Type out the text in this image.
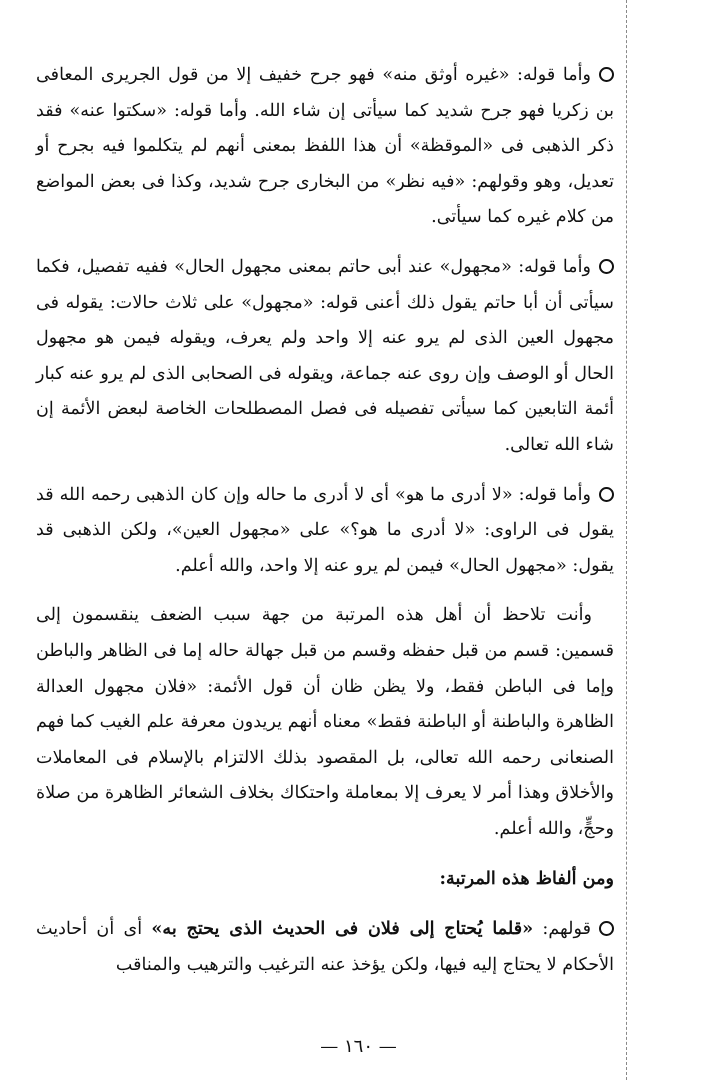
وأما قوله: «غيره أوثق منه» فهو جرح خفيف إلا من قول الجريرى المعافى بن زكريا فهو جرح شديد كما سيأتى إن شاء الله. وأما قوله: «سكتوا عنه» فقد ذكر الذهبى فى «الموقظة» أن هذا اللفظ بمعنى أنهم لم يتكلموا فيه بجرح أو تعديل، وهو وقولهم: «فيه نظر» من البخارى جرح شديد، وكذا فى بعض المواضع من كلام غيره كما سيأتى.

وأما قوله: «مجهول» عند أبى حاتم بمعنى مجهول الحال» ففيه تفصيل، فكما سيأتى أن أبا حاتم يقول ذلك أعنى قوله: «مجهول» على ثلاث حالات: يقوله فى مجهول العين الذى لم يرو عنه إلا واحد ولم يعرف، ويقوله فيمن هو مجهول الحال أو الوصف وإن روى عنه جماعة، ويقوله فى الصحابى الذى لم يرو عنه كبار أئمة التابعين كما سيأتى تفصيله فى فصل المصطلحات الخاصة لبعض الأئمة إن شاء الله تعالى.

وأما قوله: «لا أدرى ما هو» أى لا أدرى ما حاله وإن كان الذهبى رحمه الله قد يقول فى الراوى: «لا أدرى ما هو؟» على «مجهول العين»، ولكن الذهبى قد يقول: «مجهول الحال» فيمن لم يرو عنه إلا واحد، والله أعلم.

وأنت تلاحظ أن أهل هذه المرتبة من جهة سبب الضعف ينقسمون إلى قسمين: قسم من قبل حفظه وقسم من قبل جهالة حاله إما فى الظاهر والباطن وإما فى الباطن فقط، ولا يظن ظان أن قول الأئمة: «فلان مجهول العدالة الظاهرة والباطنة أو الباطنة فقط» معناه أنهم يريدون معرفة علم الغيب كما فهم الصنعانى رحمه الله تعالى، بل المقصود بذلك الالتزام بالإسلام فى المعاملات والأخلاق وهذا أمر لا يعرف إلا بمعاملة واحتكاك بخلاف الشعائر الظاهرة من صلاة وحجٍّ، والله أعلم.

ومن ألفاظ هذه المرتبة:

قولهم: «قلما يُحتاج إلى فلان فى الحديث الذى يحتج به» أى أن أحاديث الأحكام لا يحتاج إليه فيها، ولكن يؤخذ عنه الترغيب والترهيب والمناقب

— ١٦٠ —
